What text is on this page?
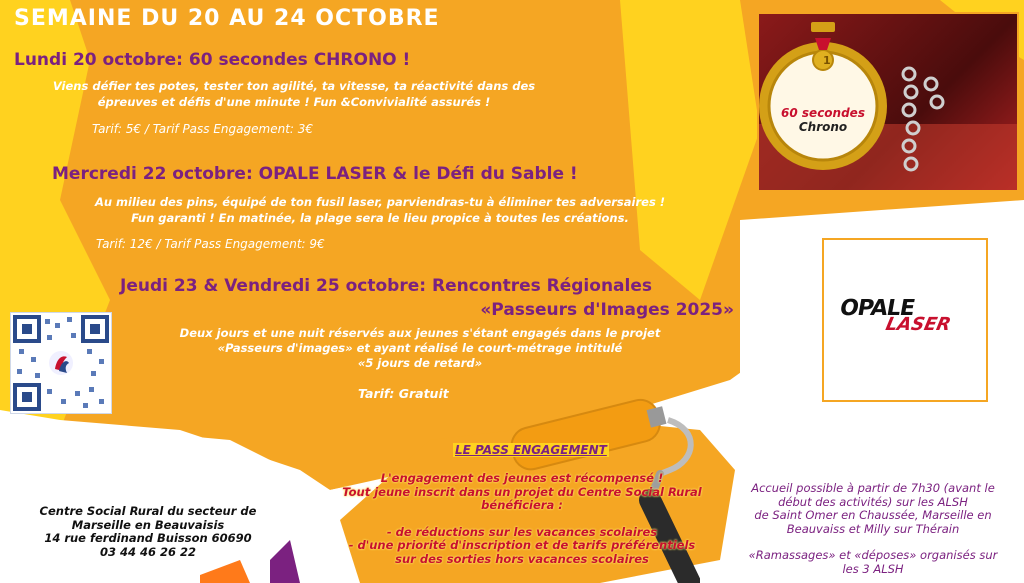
SEMAINE DU 20 AU 24 OCTOBRE
Lundi 20 octobre: 60 secondes CHRONO !
Viens défier tes potes, tester ton agilité, ta vitesse, ta réactivité dans des
épreuves et défis d'une minute ! Fun &Convivialité assurés !
Tarif: 5€ / Tarif Pass Engagement: 3€
Mercredi 22 octobre: OPALE LASER & le Défi du Sable !
Au milieu des pins, équipé de ton fusil laser, parviendras-tu à éliminer tes adversaires !
Fun garanti ! En matinée, la plage sera le lieu propice à toutes les créations.
Tarif: 12€ / Tarif Pass Engagement: 9€
Jeudi 23 & Vendredi 25 octobre: Rencontres Régionales
«Passeurs d'Images 2025»
Deux jours et une nuit réservés aux jeunes s'étant engagés dans le projet
«Passeurs d'images» et ayant réalisé le court-métrage intitulé
«5 jours de retard»
Tarif: Gratuit
1
60 secondes
Chrono
OPALE
LASER
LE PASS ENGAGEMENT
L'engagement des jeunes est récompensé !
Tout jeune inscrit dans un projet du Centre Social Rural
bénéficiera :
- de réductions sur les vacances scolaires
- d'une priorité d'inscription et de tarifs préférentiels
sur des sorties hors vacances scolaires
Centre Social Rural du secteur de
Marseille en Beauvaisis
14 rue ferdinand Buisson 60690
03 44 46 26 22
Accueil possible à partir de 7h30 (avant le
début des activités) sur les ALSH
de Saint Omer en Chaussée, Marseille en
Beauvaiss et Milly sur Thérain
«Ramassages» et «déposes» organisés sur
les 3 ALSH
